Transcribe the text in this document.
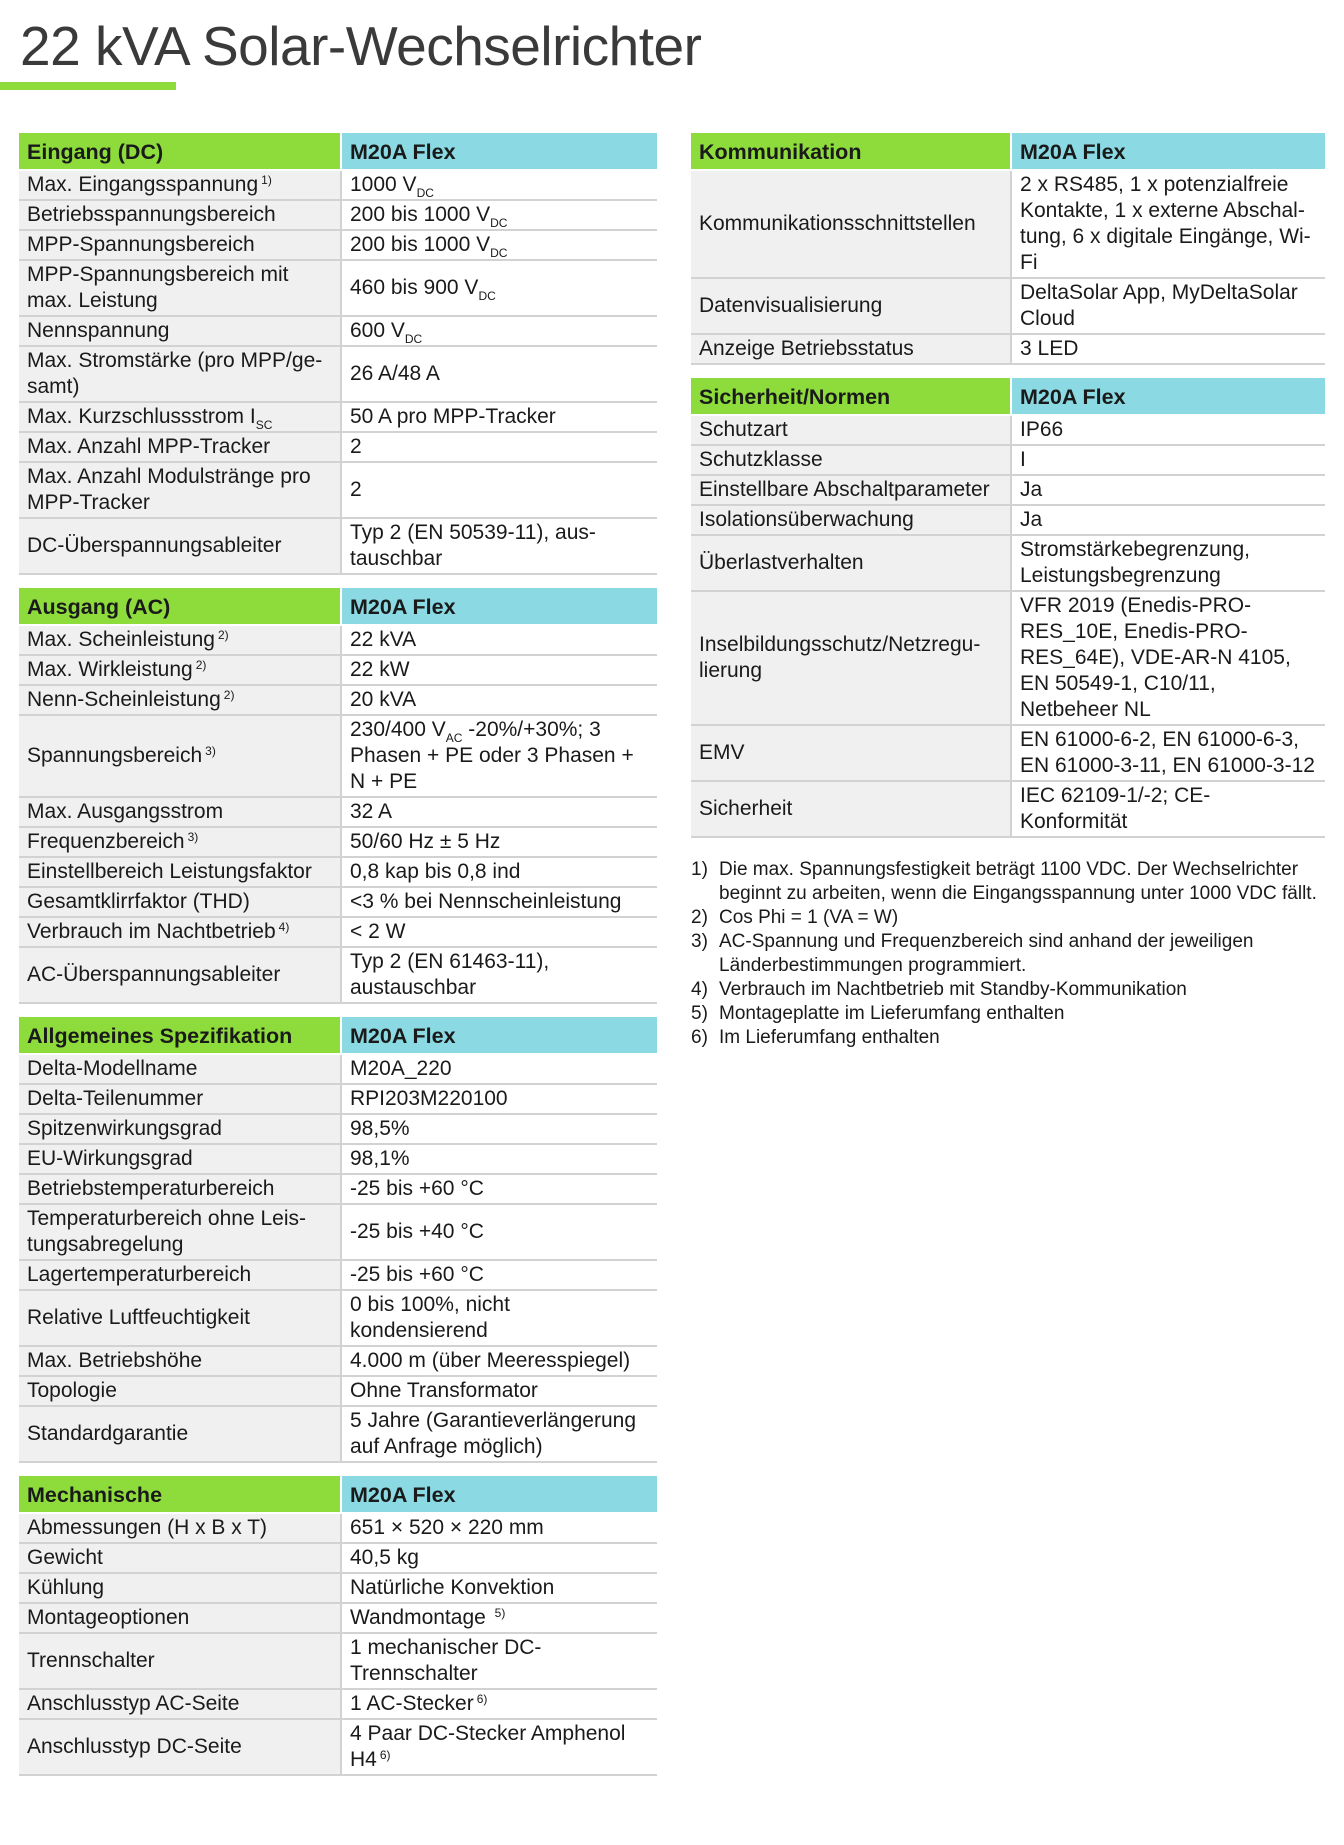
22 kVA Solar-Wechselrichter
Eingang (DC)	M20A Flex
Max. Eingangsspannung $^{1)}$	1000 $V_{DC}$
Betriebsspannungsbereich	200 bis 1000 $V_{DC}$
MPP-Spannungsbereich	200 bis 1000 $V_{DC}$
MPP-Spannungsbereich mit max. Leistung	460 bis 900 $V_{DC}$
Nennspannung	600 $V_{DC}$
Max. Stromstärke (pro MPP/gesamt)	26 A/48 A
Max. Kurzschlussstrom $I_{SC}$	50 A pro MPP-Tracker
Max. Anzahl MPP-Tracker	2
Max. Anzahl Modulstränge pro MPP-Tracker	2
DC-Überspannungsableiter	Typ 2 (EN 50539-11), austauschbar
Ausgang (AC)	M20A Flex
Max. Scheinleistung $^{2)}$	22 kVA
Max. Wirkleistung $^{2)}$	22 kW
Nenn-Scheinleistung $^{2)}$	20 kVA
Spannungsbereich $^{3)}$	230/400 $V_{AC}$ -20%/+30%; 3 Phasen + PE oder 3 Phasen + N + PE
Max. Ausgangsstrom	32 A
Frequenzbereich $^{3)}$	50/60 Hz ± 5 Hz
Einstellbereich Leistungsfaktor	0,8 kap bis 0,8 ind
Gesamtklirrfaktor (THD)	<3 % bei Nennscheinleistung
Verbrauch im Nachtbetrieb $^{4)}$	< 2 W
AC-Überspannungsableiter	Typ 2 (EN 61463-11), austauschbar
Allgemeines Spezifikation	M20A Flex
Delta-Modellname	M20A_220
Delta-Teilenummer	RPI203M220100
Spitzenwirkungsgrad	98,5%
EU-Wirkungsgrad	98,1%
Betriebstemperaturbereich	-25 bis +60 °C
Temperaturbereich ohne Leistungsabregelung	-25 bis +40 °C
Lagertemperaturbereich	-25 bis +60 °C
Relative Luftfeuchtigkeit	0 bis 100%, nicht kondensierend
Max. Betriebshöhe	4.000 m (über Meeresspiegel)
Topologie	Ohne Transformator
Standardgarantie	5 Jahre (Garantieverlängerung auf Anfrage möglich)
Mechanische	M20A Flex
Abmessungen (H x B x T)	651 × 520 × 220 mm
Gewicht	40,5 kg
Kühlung	Natürliche Konvektion
Montageoptionen	Wandmontage $^{5)}$
Trennschalter	1 mechanischer DC-Trennschalter
Anschlusstyp AC-Seite	1 AC-Stecker $^{6)}$
Anschlusstyp DC-Seite	4 Paar DC-Stecker Amphenol H4 $^{6)}$
Kommunikation	M20A Flex
Kommunikationsschnittstellen	2 x RS485, 1 x potenzialfreie Kontakte, 1 x externe Abschaltung, 6 x digitale Eingänge, Wi-Fi
Datenvisualisierung	DeltaSolar App, MyDeltaSolar Cloud
Anzeige Betriebsstatus	3 LED
Sicherheit/Normen	M20A Flex
Schutzart	IP66
Schutzklasse	I
Einstellbare Abschaltparameter	Ja
Isolationsüberwachung	Ja
Überlastverhalten	Stromstärkebegrenzung, Leistungsbegrenzung
Inselbildungsschutz/Netzregulierung	VFR 2019 (Enedis-PRO-RES_10E, Enedis-PRO-RES_64E), VDE-AR-N 4105, EN 50549-1, C10/11, Netbeheer NL
EMV	EN 61000-6-2, EN 61000-6-3, EN 61000-3-11, EN 61000-3-12
Sicherheit	IEC 62109-1/-2; CE-Konformität
1) Die max. Spannungsfestigkeit beträgt 1100 VDC. Der Wechselrichter beginnt zu arbeiten, wenn die Eingangsspannung unter 1000 VDC fällt.
2) Cos Phi = 1 (VA = W)
3) AC-Spannung und Frequenzbereich sind anhand der jeweiligen Länderbestimmungen programmiert.
4) Verbrauch im Nachtbetrieb mit Standby-Kommunikation
5) Montageplatte im Lieferumfang enthalten
6) Im Lieferumfang enthalten
